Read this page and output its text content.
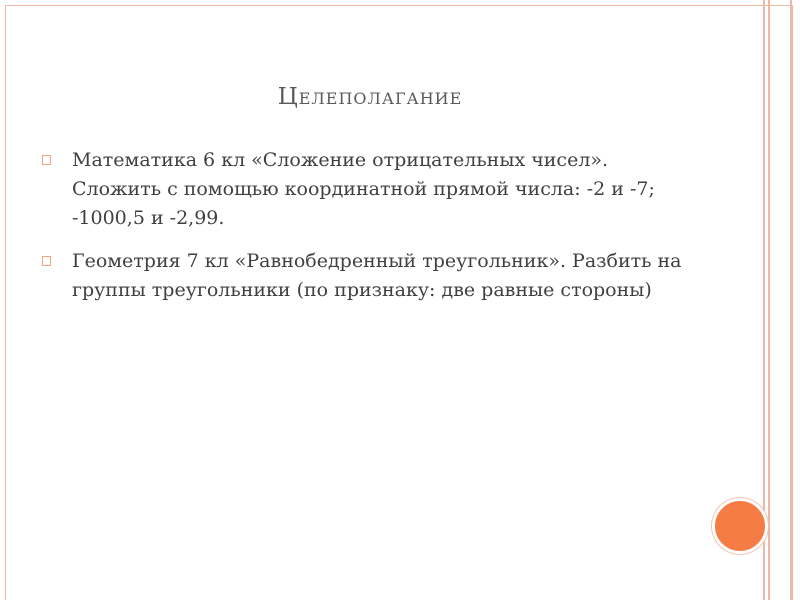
Целеполагание
Математика 6 кл «Сложение отрицательных чисел». Сложить с помощью координатной прямой числа: -2 и -7; -1000,5 и -2,99.
Геометрия 7 кл «Равнобедренный треугольник». Разбить на группы треугольники (по признаку: две равные стороны)
